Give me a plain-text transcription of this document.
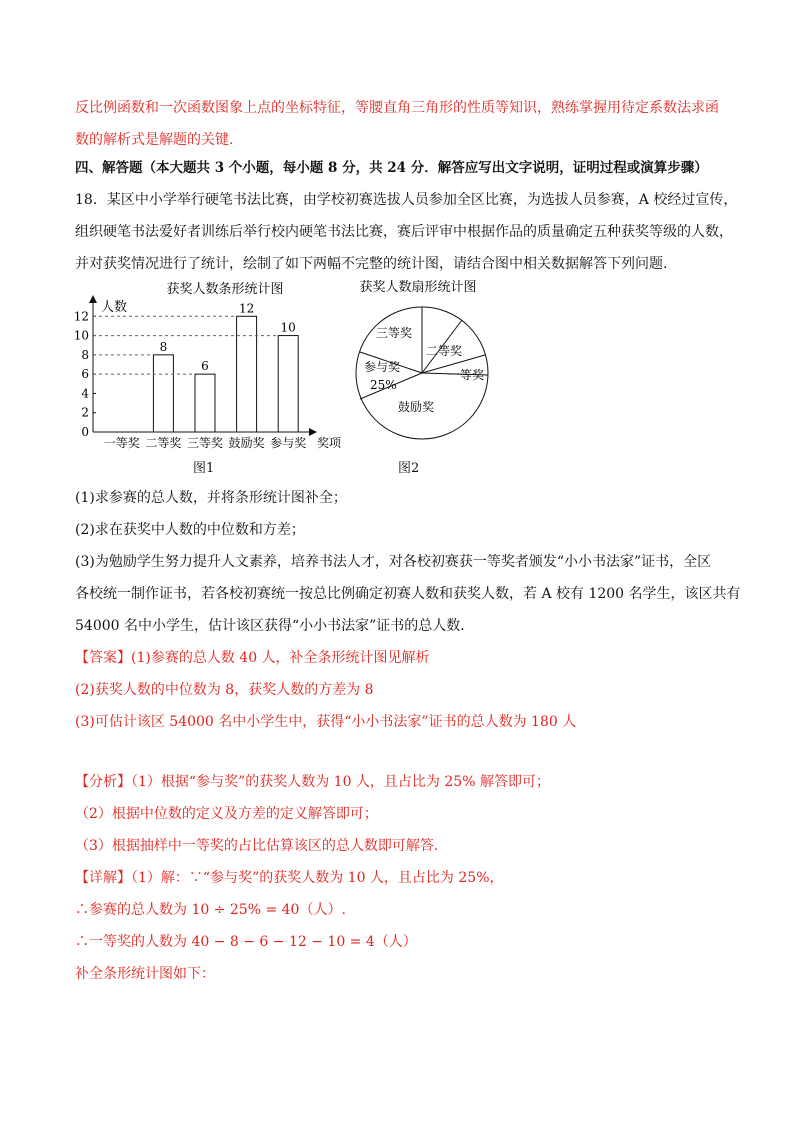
反比例函数和一次函数图象上点的坐标特征，等腰直角三角形的性质等知识，熟练掌握用待定系数法求函
数的解析式是解题的关键.
四、解答题（本大题共 3 个小题，每小题 8 分，共 24 分．解答应写出文字说明，证明过程或演算步骤）
18．某区中小学举行硬笔书法比赛，由学校初赛选拔人员参加全区比赛，为选拔人员参赛，A 校经过宣传，
组织硬笔书法爱好者训练后举行校内硬笔书法比赛，赛后评审中根据作品的质量确定五种获奖等级的人数，
并对获奖情况进行了统计，绘制了如下两幅不完整的统计图，请结合图中相关数据解答下列问题.
获奖人数条形统计图
人数
奖项
0
2
4
6
8
10
12
一等奖 二等奖
8
三等奖
6
鼓励奖
12
参与奖
10
图1
获奖人数扇形统计图
三等奖
二等奖
一等奖
鼓励奖
参与奖
25%
图2
(1)求参赛的总人数，并将条形统计图补全；
(2)求在获奖中人数的中位数和方差；
(3)为勉励学生努力提升人文素养，培养书法人才，对各校初赛获一等奖者颁发“小小书法家”证书，全区
各校统一制作证书，若各校初赛统一按总比例确定初赛人数和获奖人数，若 A 校有 1200 名学生，该区共有
54000 名中小学生，估计该区获得“小小书法家”证书的总人数.
【答案】(1)参赛的总人数 40 人，补全条形统计图见解析
(2)获奖人数的中位数为 8，获奖人数的方差为 8
(3)可估计该区 54000 名中小学生中，获得“小小书法家”证书的总人数为 180 人
【分析】（1）根据“参与奖”的获奖人数为 10 人，且占比为 25% 解答即可；
（2）根据中位数的定义及方差的定义解答即可；
（3）根据抽样中一等奖的占比估算该区的总人数即可解答.
【详解】（1）解：∵“参与奖”的获奖人数为 10 人，且占比为 25%，
∴参赛的总人数为 10 ÷ 25% = 40（人）.
∴一等奖的人数为 40 − 8 − 6 − 12 − 10 = 4（人）
补全条形统计图如下：
